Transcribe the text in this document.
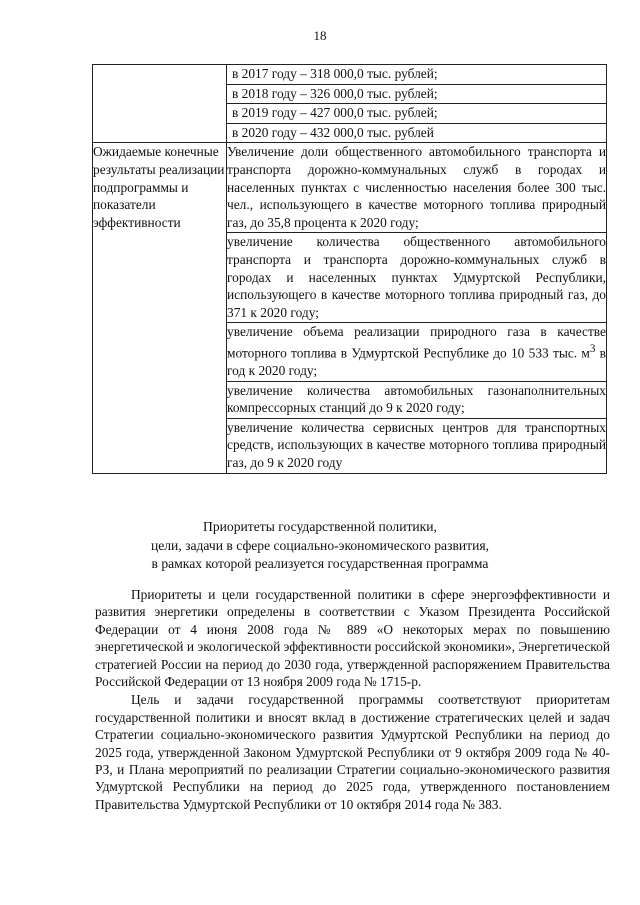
18

	в 2017 году – 318 000,0 тыс. рублей;
в 2018 году – 326 000,0 тыс. рублей;
в 2019 году – 427 000,0 тыс. рублей;
в 2020 году – 432 000,0 тыс. рублей

Ожидаемые конечные результаты реализации подпрограммы и показатели эффективности	Увеличение доли общественного автомобильного транспорта и транспорта дорожно-коммунальных служб в городах и населенных пунктах с численностью населения более 300 тыс. чел., использующего в качестве моторного топлива природный газ, до 35,8 процента к 2020 году;
увеличение количества общественного автомобильного транспорта и транспорта дорожно-коммунальных служб в городах и населенных пунктах Удмуртской Республики, использующего в качестве моторного топлива природный газ, до 371 к 2020 году;
увеличение объема реализации природного газа в качестве моторного топлива в Удмуртской Республике до 10 533 тыс. $м^3$ в год к 2020 году;
увеличение количества автомобильных газонаполнительных компрессорных станций до 9 к 2020 году;
увеличение количества сервисных центров для транспортных средств, использующих в качестве моторного топлива природный газ, до 9 к 2020 году
Приоритеты государственной политики,
цели, задачи в сфере социально-экономического развития,
в рамках которой реализуется государственная программа

Приоритеты и цели государственной политики в сфере энергоэффективности и развития энергетики определены в соответствии с Указом Президента Российской Федерации от 4 июня 2008 года № 889 «О некоторых мерах по повышению энергетической и экологической эффективности российской экономики», Энергетической стратегией России на период до 2030 года, утвержденной распоряжением Правительства Российской Федерации от 13 ноября 2009 года № 1715-р.

Цель и задачи государственной программы соответствуют приоритетам государственной политики и вносят вклад в достижение стратегических целей и задач Стратегии социально-экономического развития Удмуртской Республики на период до 2025 года, утвержденной Законом Удмуртской Республики от 9 октября 2009 года № 40-РЗ, и Плана мероприятий по реализации Стратегии социально-экономического развития Удмуртской Республики на период до 2025 года, утвержденного постановлением Правительства Удмуртской Республики от 10 октября 2014 года № 383.
